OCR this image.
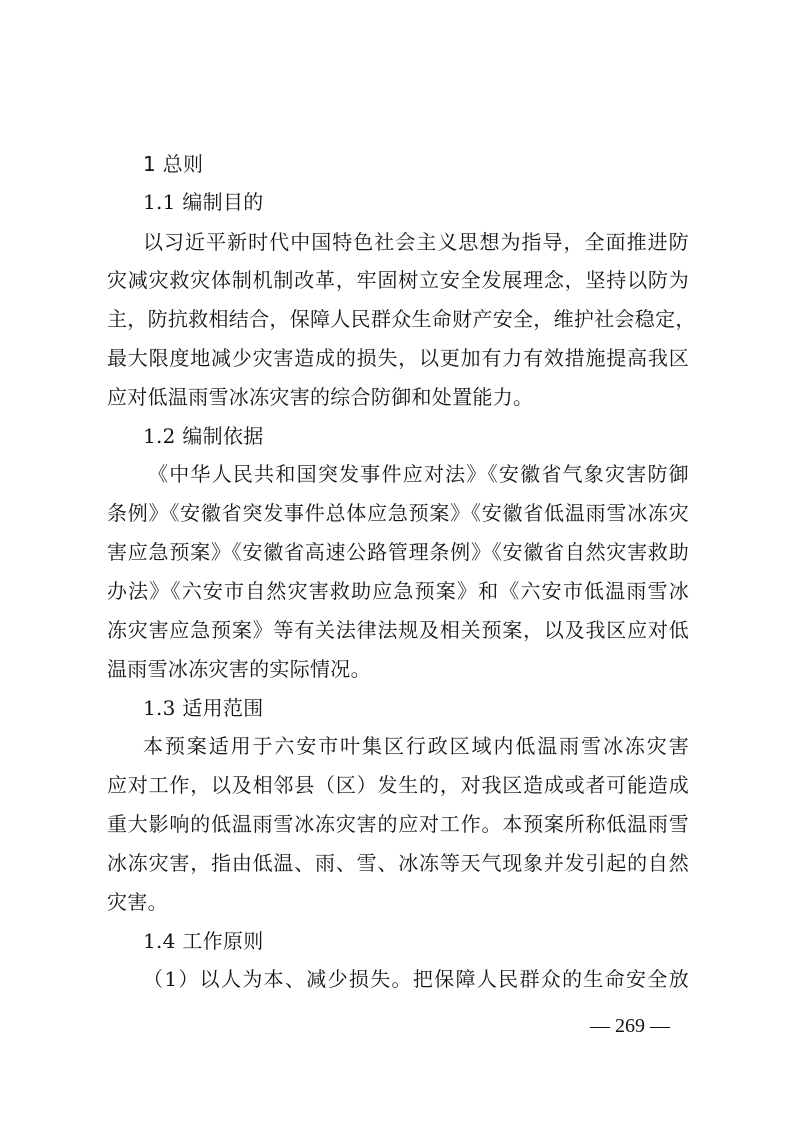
1 总则
1.1 编制目的
以习近平新时代中国特色社会主义思想为指导，全面推进防
灾减灾救灾体制机制改革，牢固树立安全发展理念，坚持以防为
主，防抗救相结合，保障人民群众生命财产安全，维护社会稳定，
最大限度地减少灾害造成的损失，以更加有力有效措施提高我区
应对低温雨雪冰冻灾害的综合防御和处置能力。
1.2 编制依据
《中华人民共和国突发事件应对法》《安徽省气象灾害防御
条例》《安徽省突发事件总体应急预案》《安徽省低温雨雪冰冻灾
害应急预案》《安徽省高速公路管理条例》《安徽省自然灾害救助
办法》《六安市自然灾害救助应急预案》和《六安市低温雨雪冰
冻灾害应急预案》等有关法律法规及相关预案，以及我区应对低
温雨雪冰冻灾害的实际情况。
1.3 适用范围
本预案适用于六安市叶集区行政区域内低温雨雪冰冻灾害
应对工作，以及相邻县（区）发生的，对我区造成或者可能造成
重大影响的低温雨雪冰冻灾害的应对工作。本预案所称低温雨雪
冰冻灾害，指由低温、雨、雪、冰冻等天气现象并发引起的自然
灾害。
1.4 工作原则
（1）以人为本、减少损失。把保障人民群众的生命安全放
— 269 —
